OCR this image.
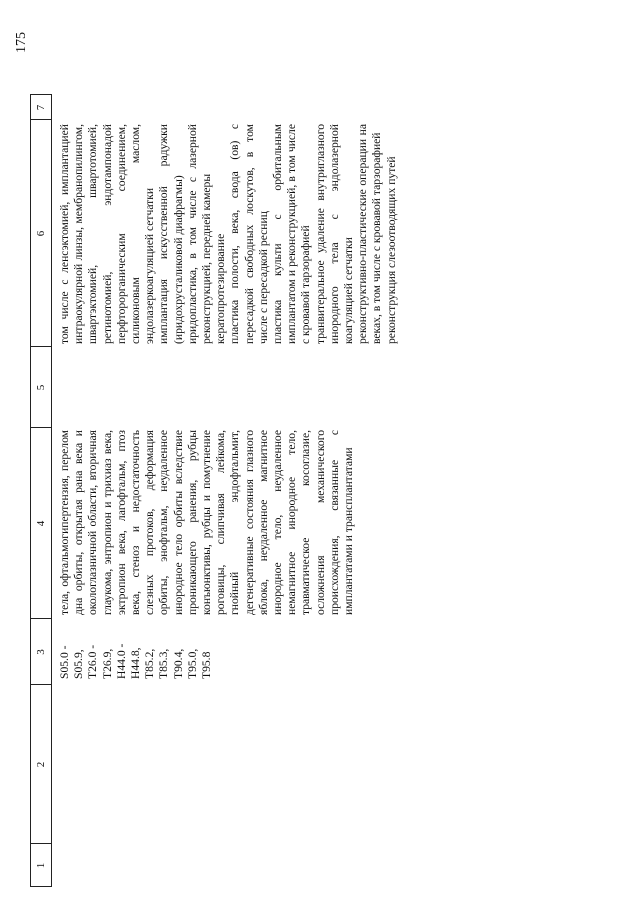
175
1
2
3
4
5
6
7

S05.0 - S05.9, T26.0 - T26.9, H44.0 - H44.8, T85.2, T85.3, T90.4, T95.0, T95.8

тела, офтальмогипертензия, перелом дна орбиты, открытая рана века и окологлазничной области, вторичная глаукома, энтропион и трихиаз века, эктропион века, лагофтальм, птоз века, стеноз и недостаточность слезных протоков, деформация орбиты, энофтальм, неудаленное инородное тело орбиты вследствие проникающего ранения, рубцы конъюнктивы, рубцы и помутнение роговицы, слипчивая лейкома, гнойный эндофтальмит, дегенеративные состояния глазного яблока, неудаленное магнитное инородное тело, неудаленное немагнитное инородное тело, травматическое косоглазие, осложнения механического происхождения, связанные с имплантатами и трансплантатами

том числе с ленсэктомией, имплантацией интраокулярной линзы, мембранопилингом, швартэктомией, швартотомией, ретинотомией, эндотампонадой перфторорганическим соединением, силиконовым маслом, эндолазеркоагуляцией сетчатки имплантация искусственной радужки (иридохрусталиковой диафрагмы) иридопластика, в том числе с лазерной реконструкцией, передней камеры кератопротезирование пластика полости, века, свода (ов) с пересадкой свободных лоскутов, в том числе с пересадкой ресниц пластика культи с орбитальным имплантатом и реконструкцией, в том числе с кровавой тарзорафией транвитеральное удаление внутриглазного инородного тела с эндолазерной коагуляцией сетчатки реконструктивно-пластические операции на веках, в том числе с кровавой тарзорафией реконструкция слезоотводящих путей
